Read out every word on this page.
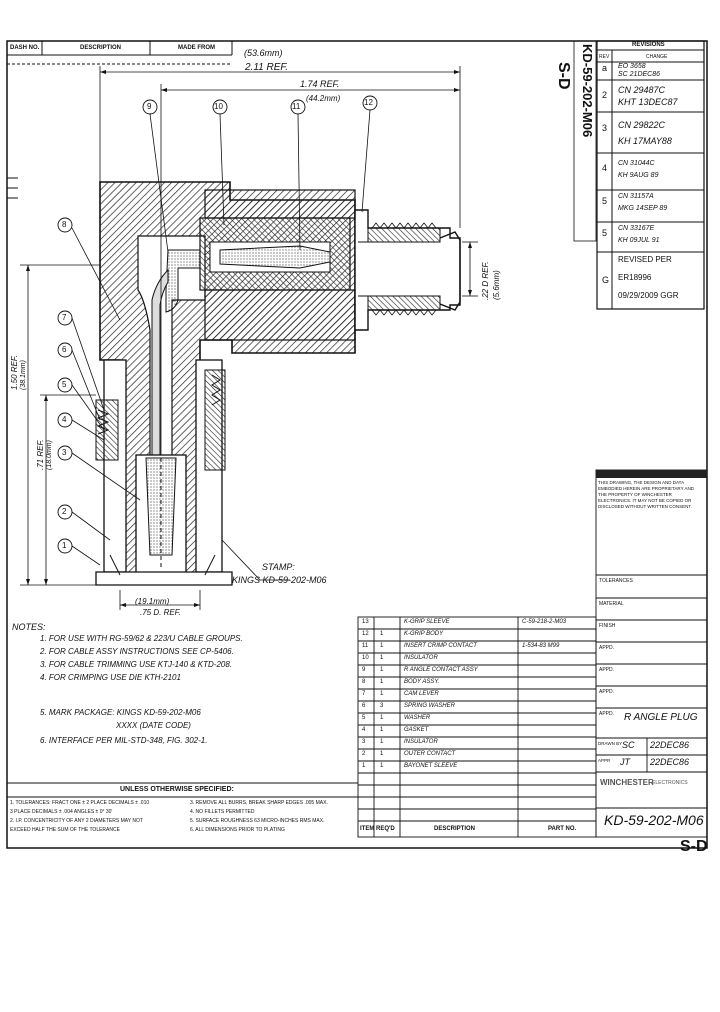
DASH NO.	DESCRIPTION	MADE FROM	(53.6mm)
2.11 REF.
1.74 REF.
(44.2mm)
.22 D REF. (5.6mm)
(19.1mm)
.75 D. REF.
1.50 REF. (38.1mm)
.71 REF. (18.0mm)
9	10	11	12
8
7
6
5
4
3
2
1
STAMP:
KINGS KD-59-202-M06
KD-59-202-M06
S-D
REVISIONS
REV	CHANGE
a EO 3658
SC 21DEC86
2 CN 29487C
KHT 13DEC87
3 CN 29822C
KH 17MAY88
4 CN 31044C
KH 9AUG 89
5 CN 31157A
MKG 14SEP 89
5 CN 33167E
KH 09JUL 91
G
REVISED PER
ER18996
09/29/2009 GGR
NOTES:
1. FOR USE WITH RG-59/62 & 223/U CABLE GROUPS.
2. FOR CABLE ASSY INSTRUCTIONS SEE CP-5406.
3. FOR CABLE TRIMMING USE KTJ-140 & KTD-208.
4. FOR CRIMPING USE DIE KTH-2101
5. MARK PACKAGE: KINGS KD-59-202-M06
XXXX (DATE CODE)
6. INTERFACE PER MIL-STD-348, FIG. 302-1.
13	K-GRIP SLEEVE	C-59-218-2-M03
12 1	K-GRIP BODY
11 1	INSERT CRIMP CONTACT	1-534-83 M99
10 1	INSULATOR
9 1	R ANGLE CONTACT ASSY
8 1	BODY ASSY.
7 1	CAM LEVER
6 3	SPRING WASHER
5 1	WASHER
4 1	GASKET
3 1	INSULATOR
2 1	OUTER CONTACT
1 1	BAYONET SLEEVE
ITEM REQ'D	DESCRIPTION	PART NO.
UNLESS OTHERWISE SPECIFIED:
1. TOLERANCES: FRACT ONE ± 2 PLACE DECIMALS ± .010
3 PLACE DECIMALS ± .004 ANGLES ± 0° 30'
2. I.P. CONCENTRICITY OF ANY 2 DIAMETERS MAY NOT
EXCEED HALF THE SUM OF THE TOLERANCE
3. REMOVE ALL BURRS, BREAK SHARP EDGES .005 MAX.
4. NO FILLETS PERMITTED
5. SURFACE ROUGHNESS 63 MICRO-INCHES RMS MAX.
6. ALL DIMENSIONS PRIOR TO PLATING
THIS DRAWING, THE DESIGN AND DATA EMBODIED HEREIN ARE PROPRIETARY AND THE PROPERTY OF WINCHESTER ELECTRONICS. IT MAY NOT BE COPIED OR DISCLOSED WITHOUT WRITTEN CONSENT.
TOLERANCES
MATERIAL
FINISH
APPD.
APPD.
APPD.
APPD. R ANGLE PLUG
DRAWN BY SC 22DEC86
APPR JT 22DEC86
WINCHESTER
ELECTRONICS
KD-59-202-M06
S-D
